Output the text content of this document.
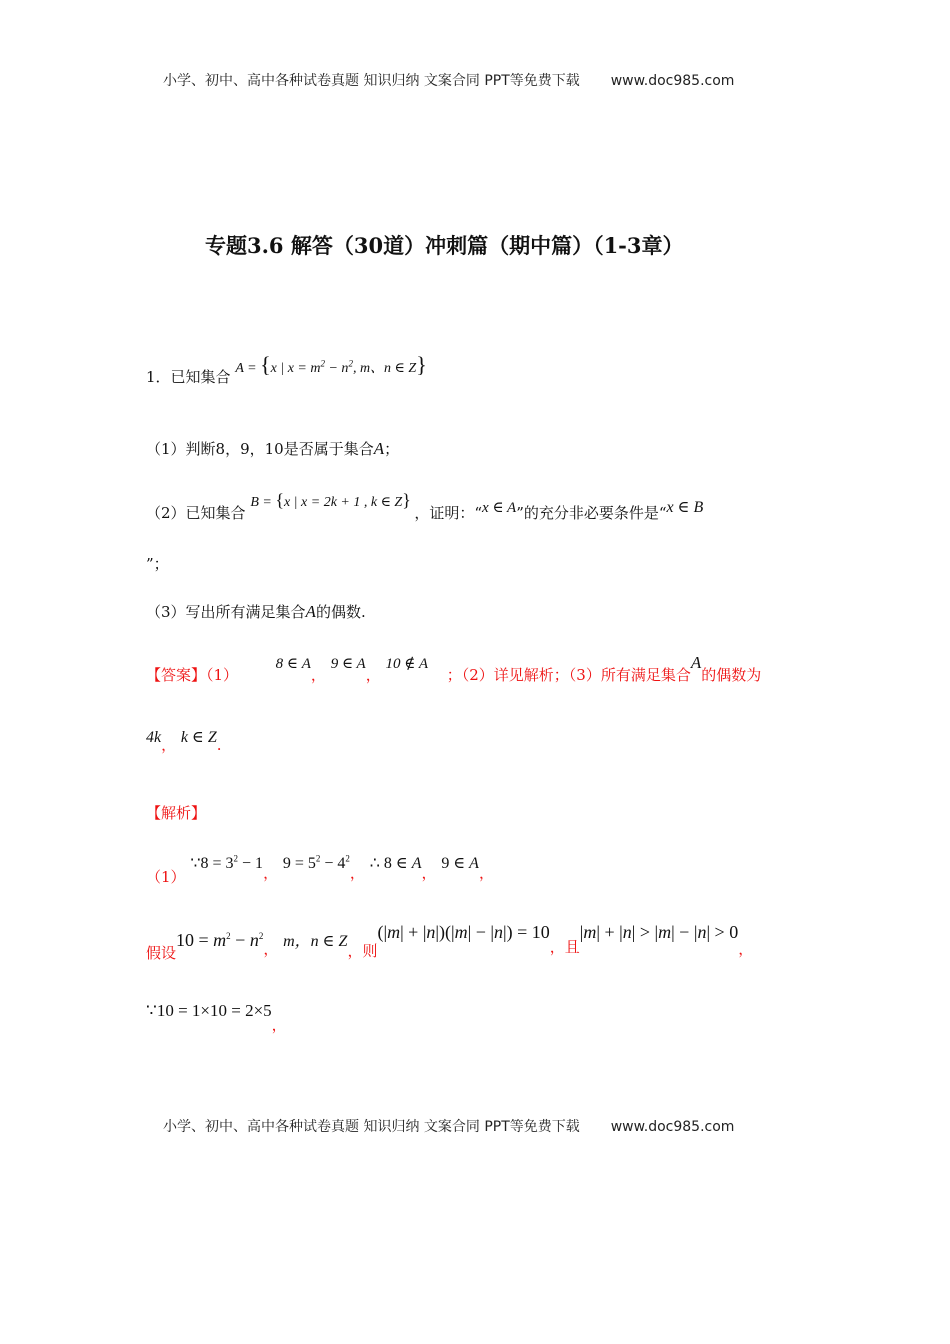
小学、初中、高中各种试卷真题 知识归纳 文案合同 PPT等免费下载 www.doc985.com
专题3.6 解答（30道）冲刺篇（期中篇）（1-3章）
1．已知集合 A = {x | $x = m^2 - n^2$, m、n ∈ Z}
（1）判断8，9，10是否属于集合A；
（2）已知集合 B = {x | x = 2k + 1 , k ∈ Z} ，证明：“x ∈ A”的充分非必要条件是“x ∈ B
”；
（3）写出所有满足集合A的偶数.
【答案】（1）  8 ∈ A， 9 ∈ A， 10 ∉ A ；（2）详见解析；（3）所有满足集合A的偶数为
4k， k ∈ Z.
【解析】
（1） ∵8 = $3^2 - 1$， $9 = 5^2 - 4^2$， ∴ 8 ∈ A， 9 ∈ A，
假设$10 = m^2 - n^2$， m，n ∈ Z，则(|m| + |n|)(|m| − |n|) = 10，且|m| + |n| > |m| − |n| > 0，
∵10 = 1×10 = 2×5，
小学、初中、高中各种试卷真题 知识归纳 文案合同 PPT等免费下载 www.doc985.com
